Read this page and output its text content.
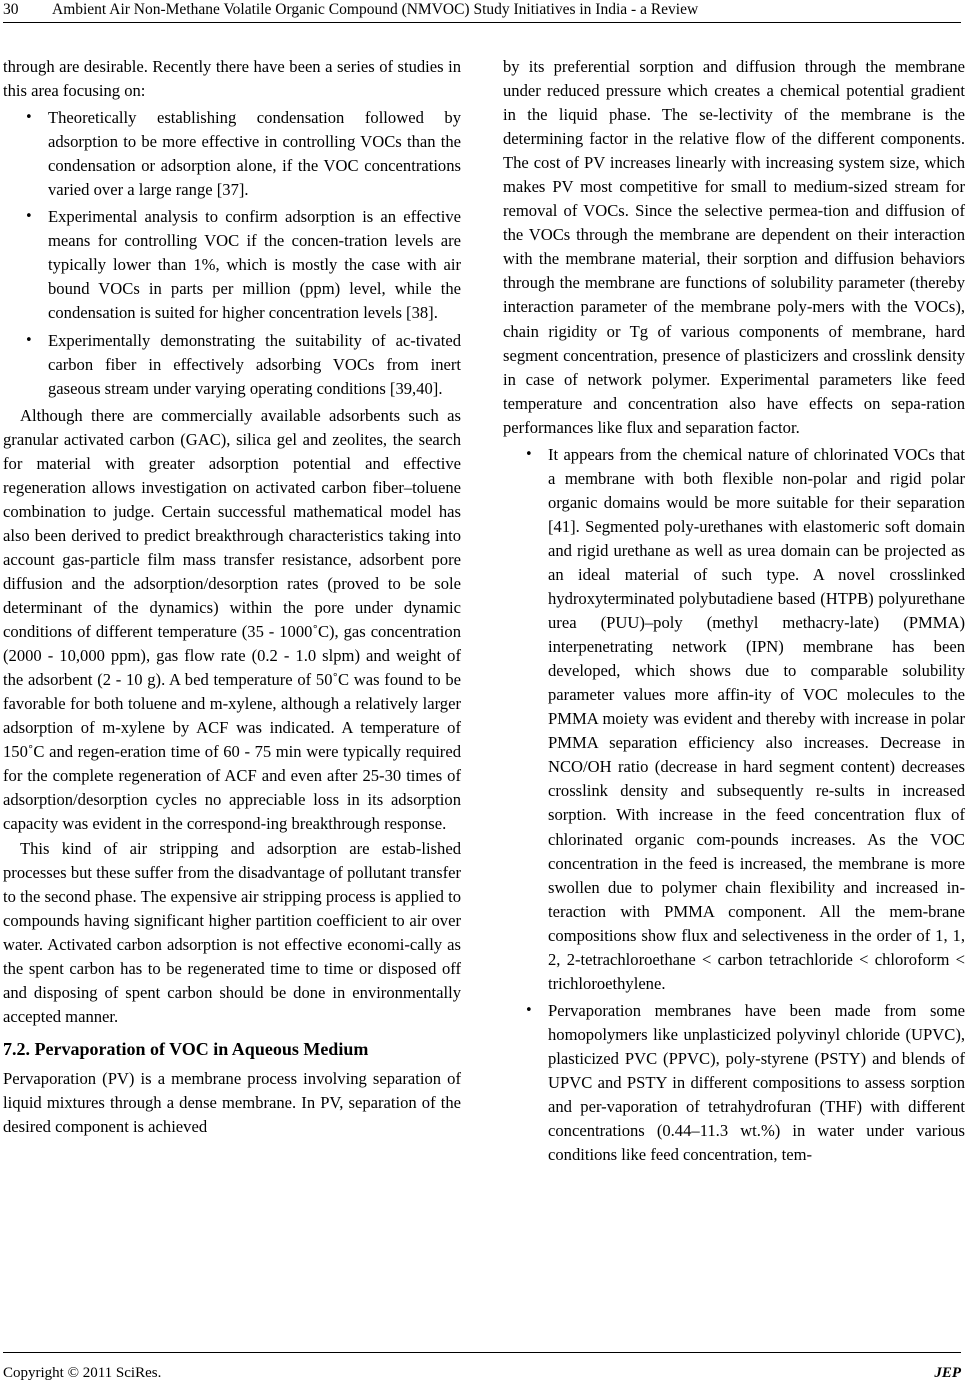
30 Ambient Air Non-Methane Volatile Organic Compound (NMVOC) Study Initiatives in India - a Review

through are desirable. Recently there have been a series of studies in this area focusing on:

• Theoretically establishing condensation followed by adsorption to be more effective in controlling VOCs than the condensation or adsorption alone, if the VOC concentrations varied over a large range [37].
• Experimental analysis to confirm adsorption is an effective means for controlling VOC if the concen-tration levels are typically lower than 1%, which is mostly the case with air bound VOCs in parts per million (ppm) level, while the condensation is suited for higher concentration levels [38].
• Experimentally demonstrating the suitability of ac-tivated carbon fiber in effectively adsorbing VOCs from inert gaseous stream under varying operating conditions [39,40].

Although there are commercially available adsorbents such as granular activated carbon (GAC), silica gel and zeolites, the search for material with greater adsorption potential and effective regeneration allows investigation on activated carbon fiber–toluene combination to judge. Certain successful mathematical model has also been derived to predict breakthrough characteristics taking into account gas-particle film mass transfer resistance, adsorbent pore diffusion and the adsorption/desorption rates (proved to be sole determinant of the dynamics) within the pore under dynamic conditions of different temperature (35 - 1000˚C), gas concentration (2000 - 10,000 ppm), gas flow rate (0.2 - 1.0 slpm) and weight of the adsorbent (2 - 10 g). A bed temperature of 50˚C was found to be favorable for both toluene and m-xylene, although a relatively larger adsorption of m-xylene by ACF was indicated. A temperature of 150˚C and regen-eration time of 60 - 75 min were typically required for the complete regeneration of ACF and even after 25-30 times of adsorption/desorption cycles no appreciable loss in its adsorption capacity was evident in the correspond-ing breakthrough response.

This kind of air stripping and adsorption are estab-lished processes but these suffer from the disadvantage of pollutant transfer to the second phase. The expensive air stripping process is applied to compounds having significant higher partition coefficient to air over water. Activated carbon adsorption is not effective economi-cally as the spent carbon has to be regenerated time to time or disposed off and disposing of spent carbon should be done in environmentally accepted manner.

7.2. Pervaporation of VOC in Aqueous Medium

Pervaporation (PV) is a membrane process involving separation of liquid mixtures through a dense membrane. In PV, separation of the desired component is achieved

by its preferential sorption and diffusion through the membrane under reduced pressure which creates a chemical potential gradient in the liquid phase. The se-lectivity of the membrane is the determining factor in the relative flow of the different components. The cost of PV increases linearly with increasing system size, which makes PV most competitive for small to medium-sized stream for removal of VOCs. Since the selective permea-tion and diffusion of the VOCs through the membrane are dependent on their interaction with the membrane material, their sorption and diffusion behaviors through the membrane are functions of solubility parameter (thereby interaction parameter of the membrane poly-mers with the VOCs), chain rigidity or Tg of various components of membrane, hard segment concentration, presence of plasticizers and crosslink density in case of network polymer. Experimental parameters like feed temperature and concentration also have effects on sepa-ration performances like flux and separation factor.

• It appears from the chemical nature of chlorinated VOCs that a membrane with both flexible non-polar and rigid polar organic domains would be more suitable for their separation [41]. Segmented poly-urethanes with elastomeric soft domain and rigid urethane as well as urea domain can be projected as an ideal material of such type. A novel crosslinked hydroxyterminated polybutadiene based (HTPB) polyurethane urea (PUU)–poly (methyl methacry-late) (PMMA) interpenetrating network (IPN) membrane has been developed, which shows due to comparable solubility parameter values more affin-ity of VOC molecules to the PMMA moiety was evident and thereby with increase in polar PMMA separation efficiency also increases. Decrease in NCO/OH ratio (decrease in hard segment content) decreases crosslink density and subsequently re-sults in increased sorption. With increase in the feed concentration flux of chlorinated organic com-pounds increases. As the VOC concentration in the feed is increased, the membrane is more swollen due to polymer chain flexibility and increased in-teraction with PMMA component. All the mem-brane compositions show flux and selectiveness in the order of 1, 1, 2, 2-tetrachloroethane < carbon tetrachloride < chloroform < trichloroethylene.
• Pervaporation membranes have been made from some homopolymers like unplasticized polyvinyl chloride (UPVC), plasticized PVC (PPVC), poly-styrene (PSTY) and blends of UPVC and PSTY in different compositions to assess sorption and per-vaporation of tetrahydrofuran (THF) with different concentrations (0.44–11.3 wt.%) in water under various conditions like feed concentration, tem-
Copyright © 2011 SciRes.	JEP
